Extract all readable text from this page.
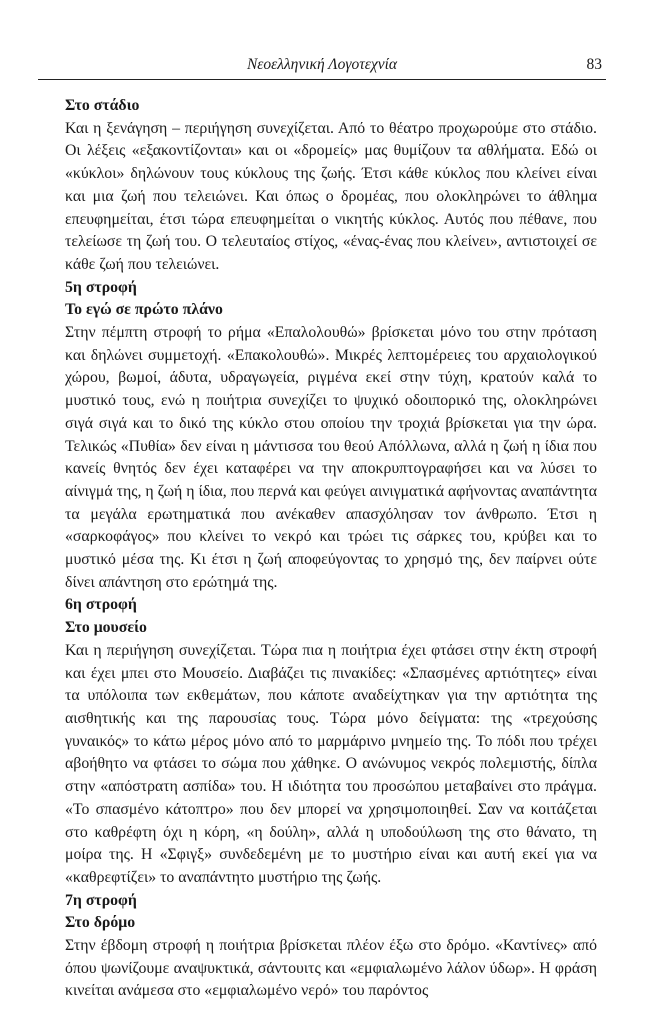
Νεοελληνική Λογοτεχνία	83

Στο στάδιο

Και η ξενάγηση – περιήγηση συνεχίζεται. Από το θέατρο προχωρούμε στο στάδιο. Οι λέξεις «εξακοντίζονται» και οι «δρομείς» μας θυμίζουν τα αθλήματα. Εδώ οι «κύκλοι» δηλώνουν τους κύκλους της ζωής. Έτσι κάθε κύκλος που κλείνει είναι και μια ζωή που τελειώνει. Και όπως ο δρομέας, που ολοκληρώνει το άθλημα επευφημείται, έτσι τώρα επευφημείται ο νικητής κύκλος. Αυτός που πέθανε, που τελείωσε τη ζωή του. Ο τελευταίος στίχος, «ένας-ένας που κλείνει», αντιστοιχεί σε κάθε ζωή που τελειώνει.

5η στροφή

Το εγώ σε πρώτο πλάνο

Στην πέμπτη στροφή το ρήμα «Επαλολουθώ» βρίσκεται μόνο του στην πρόταση και δηλώνει συμμετοχή. «Επακολουθώ». Μικρές λεπτομέρειες του αρχαιολογικού χώρου, βωμοί, άδυτα, υδραγωγεία, ριγμένα εκεί στην τύχη, κρατούν καλά το μυστικό τους, ενώ η ποιήτρια συνεχίζει το ψυχικό οδοιπορικό της, ολοκληρώνει σιγά σιγά και το δικό της κύκλο στου οποίου την τροχιά βρίσκεται για την ώρα. Τελικώς «Πυθία» δεν είναι η μάντισσα του θεού Απόλλωνα, αλλά η ζωή η ίδια που κανείς θνητός δεν έχει καταφέρει να την αποκρυπτογραφήσει και να λύσει το αίνιγμά της, η ζωή η ίδια, που περνά και φεύγει αινιγματικά αφήνοντας αναπάντητα τα μεγάλα ερωτηματικά που ανέκαθεν απασχόλησαν τον άνθρωπο. Έτσι η «σαρκοφάγος» που κλείνει το νεκρό και τρώει τις σάρκες του, κρύβει και το μυστικό μέσα της. Κι έτσι η ζωή αποφεύγοντας το χρησμό της, δεν παίρνει ούτε δίνει απάντηση στο ερώτημά της.

6η στροφή

Στο μουσείο

Και η περιήγηση συνεχίζεται. Τώρα πια η ποιήτρια έχει φτάσει στην έκτη στροφή και έχει μπει στο Μουσείο. Διαβάζει τις πινακίδες: «Σπασμένες αρτιότητες» είναι τα υπόλοιπα των εκθεμάτων, που κάποτε αναδείχτηκαν για την αρτιότητα της αισθητικής και της παρουσίας τους. Τώρα μόνο δείγματα: της «τρεχούσης γυναικός» το κάτω μέρος μόνο από το μαρμάρινο μνημείο της. Το πόδι που τρέχει αβοήθητο να φτάσει το σώμα που χάθηκε. Ο ανώνυμος νεκρός πολεμιστής, δίπλα στην «απόστρατη ασπίδα» του. Η ιδιότητα του προσώπου μεταβαίνει στο πράγμα. «Το σπασμένο κάτοπτρο» που δεν μπορεί να χρησιμοποιηθεί. Σαν να κοιτάζεται στο καθρέφτη όχι η κόρη, «η δούλη», αλλά η υποδούλωση της στο θάνατο, τη μοίρα της. Η «Σφιγξ» συνδεδεμένη με το μυστήριο είναι και αυτή εκεί για να «καθρεφτίζει» το αναπάντητο μυστήριο της ζωής.

7η στροφή

Στο δρόμο

Στην έβδομη στροφή η ποιήτρια βρίσκεται πλέον έξω στο δρόμο. «Καντίνες» από όπου ψωνίζουμε αναψυκτικά, σάντουιτς και «εμφιαλωμένο λάλον ύδωρ». Η φράση κινείται ανάμεσα στο «εμφιαλωμένο νερό» του παρόντος
